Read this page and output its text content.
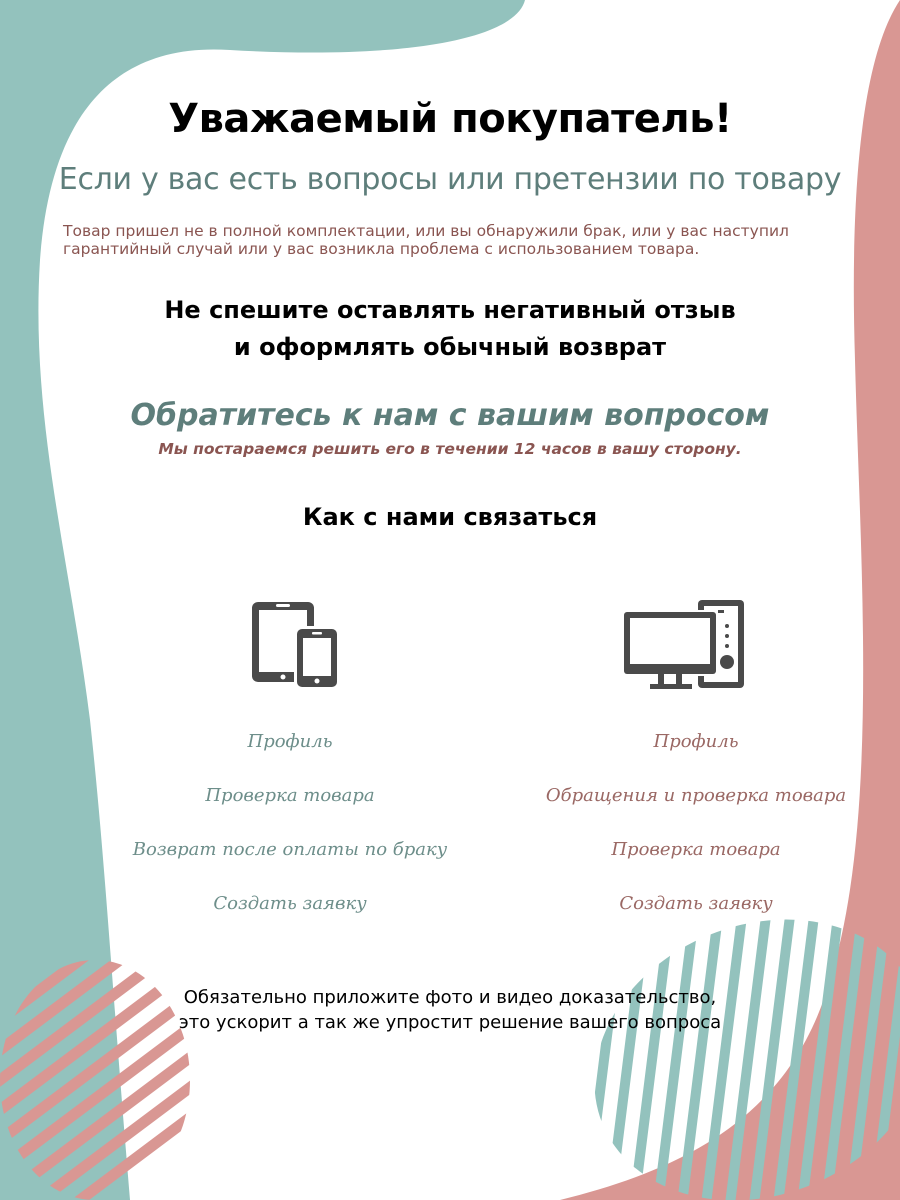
Уважаемый покупатель!

Если у вас есть вопросы или претензии по товару

Товар пришел не в полной комплектации, или вы обнаружили брак, или у вас наступил гарантийный случай или у вас возникла проблема с использованием товара.

Не спешите оставлять негативный отзыв
и оформлять обычный возврат

Обратитесь к нам с вашим вопросом

Мы постараемся решить его в течении 12 часов в вашу сторону.

Как с нами связаться

Профиль

Проверка товара

Возврат после оплаты по браку

Создать заявку

Профиль

Обращения и проверка товара

Проверка товара

Создать заявку

Обязательно приложите фото и видео доказательство,
это ускорит а так же упростит решение вашего вопроса
